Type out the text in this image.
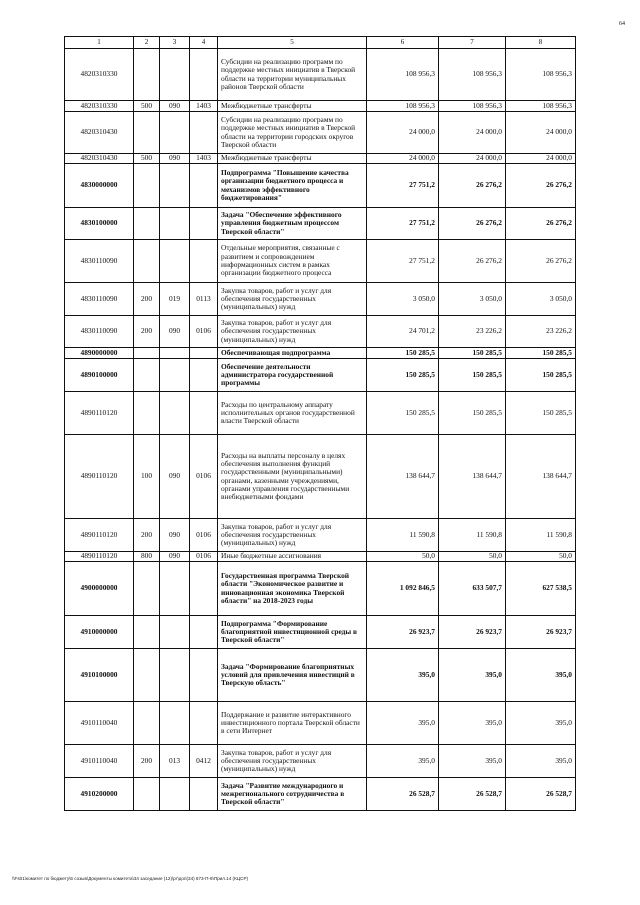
64
1	2	3	4	5	6	7	8
4820310330				Субсидии на реализацию программ по поддержке местных инициатив в Тверской области на территории муниципальных районов Тверской области	108 956,3	108 956,3	108 956,3
4820310330	500	090	1403	Межбюджетные трансферты	108 956,3	108 956,3	108 956,3
4820310430				Субсидии на реализацию программ по поддержке местных инициатив в Тверской области на территории городских округов Тверской области	24 000,0	24 000,0	24 000,0
4820310430	500	090	1403	Межбюджетные трансферты	24 000,0	24 000,0	24 000,0
4830000000				Подпрограмма "Повышение качества организации бюджетного процесса и механизмов эффективного бюджетирования"	27 751,2	26 276,2	26 276,2
4830100000				Задача "Обеспечение эффективного управления бюджетным процессом Тверской области"	27 751,2	26 276,2	26 276,2
4830110090				Отдельные мероприятия, связанные с развитием и сопровождением информационных систем в рамках организации бюджетного процесса	27 751,2	26 276,2	26 276,2
4830110090	200	019	0113	Закупка товаров, работ и услуг для обеспечения государственных (муниципальных) нужд	3 050,0	3 050,0	3 050,0
4830110090	200	090	0106	Закупка товаров, работ и услуг для обеспечения государственных (муниципальных) нужд	24 701,2	23 226,2	23 226,2
4890000000				Обеспечивающая подпрограмма	150 285,5	150 285,5	150 285,5
4890100000				Обеспечение деятельности администратора государственной программы	150 285,5	150 285,5	150 285,5
4890110120				Расходы по центральному аппарату исполнительных органов государственной власти Тверской области	150 285,5	150 285,5	150 285,5
4890110120	100	090	0106	Расходы на выплаты персоналу в целях обеспечения выполнения функций государственными (муниципальными) органами, казенными учреждениями, органами управления государственными внебюджетными фондами	138 644,7	138 644,7	138 644,7
4890110120	200	090	0106	Закупка товаров, работ и услуг для обеспечения государственных (муниципальных) нужд	11 590,8	11 590,8	11 590,8
4890110120	800	090	0106	Иные бюджетные ассигнования	50,0	50,0	50,0
4900000000				Государственная программа Тверской области "Экономическое развитие и инновационная экономика Тверской области" на 2018-2023 годы	1 092 846,5	633 507,7	627 538,5
4910000000				Подпрограмма "Формирование благоприятной инвестиционной среды в Тверской области"	26 923,7	26 923,7	26 923,7
4910100000				Задача "Формирование благоприятных условий для привлечения инвестиций в Тверскую область"	395,0	395,0	395,0
4910110040				Поддержание и развитие интерактивного инвестиционного портала Тверской области в сети Интернет	395,0	395,0	395,0
4910110040	200	013	0412	Закупка товаров, работ и услуг для обеспечения государственных (муниципальных) нужд	395,0	395,0	395,0
4910200000				Задача "Развитие международного и межрегионального сотрудничества в Тверской области"	26 528,7	26 528,7	26 528,7
\\Fs01\комитет по бюджету\6 созыв\Документы комитета\34 заседание (12)\рг\доп(34) 673-П-6\Прил.14 (КЦСР)
